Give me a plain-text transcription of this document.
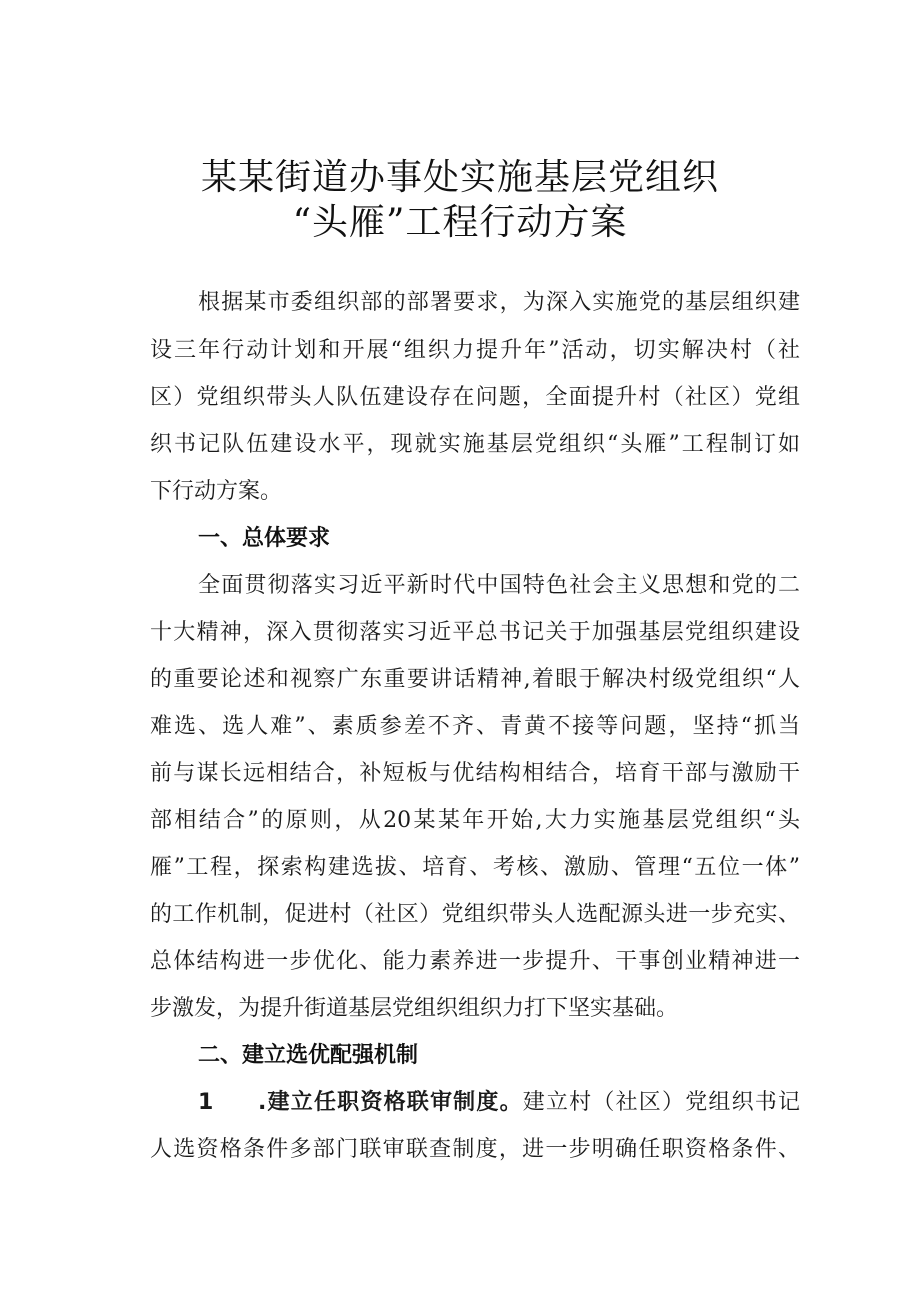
某某街道办事处实施基层党组织
“头雁”工程行动方案
根据某市委组织部的部署要求，为深入实施党的基层组织建
设三年行动计划和开展“组织力提升年”活动，切实解决村（社
区）党组织带头人队伍建设存在问题，全面提升村（社区）党组
织书记队伍建设水平，现就实施基层党组织“头雁”工程制订如
下行动方案。
一、总体要求
全面贯彻落实习近平新时代中国特色社会主义思想和党的二
十大精神，深入贯彻落实习近平总书记关于加强基层党组织建设
的重要论述和视察广东重要讲话精神,着眼于解决村级党组织“人
难选、选人难”、素质参差不齐、青黄不接等问题，坚持“抓当
前与谋长远相结合，补短板与优结构相结合，培育干部与激励干
部相结合”的原则，从20某某年开始,大力实施基层党组织“头
雁”工程，探索构建选拔、培育、考核、激励、管理“五位一体”
的工作机制，促进村（社区）党组织带头人选配源头进一步充实、
总体结构进一步优化、能力素养进一步提升、干事创业精神进一
步激发，为提升街道基层党组织组织力打下坚实基础。
二、建立选优配强机制
1 .建立任职资格联审制度。建立村（社区）党组织书记
人选资格条件多部门联审联查制度，进一步明确任职资格条件、
